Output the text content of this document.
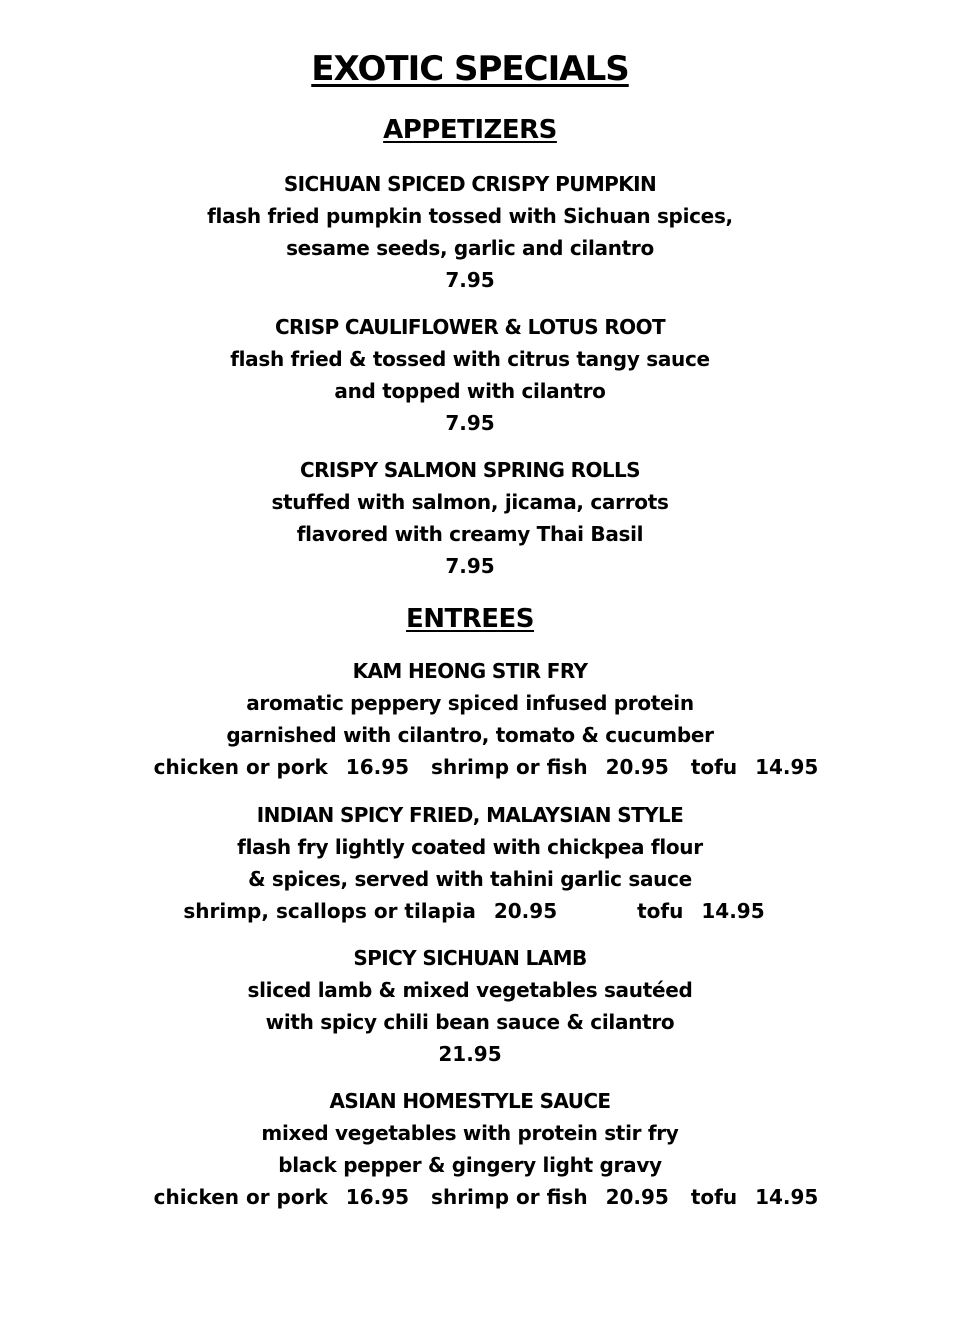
EXOTIC SPECIALS
APPETIZERS
SICHUAN SPICED CRISPY PUMPKIN
flash fried pumpkin tossed with Sichuan spices,
sesame seeds, garlic and cilantro
7.95
CRISP CAULIFLOWER & LOTUS ROOT
flash fried & tossed with citrus tangy sauce
and topped with cilantro
7.95
CRISPY SALMON SPRING ROLLS
stuffed with salmon, jicama, carrots
flavored with creamy Thai Basil
7.95
ENTREES
KAM HEONG STIR FRY
aromatic peppery spiced infused protein
garnished with cilantro, tomato & cucumber
chicken or pork 16.95 shrimp or fish 20.95 tofu 14.95
INDIAN SPICY FRIED, MALAYSIAN STYLE
flash fry lightly coated with chickpea flour
& spices, served with tahini garlic sauce
shrimp, scallops or tilapia 20.95	tofu 14.95
SPICY SICHUAN LAMB
sliced lamb & mixed vegetables sautéed
with spicy chili bean sauce & cilantro
21.95
ASIAN HOMESTYLE SAUCE
mixed vegetables with protein stir fry
black pepper & gingery light gravy
chicken or pork 16.95 shrimp or fish 20.95 tofu 14.95
